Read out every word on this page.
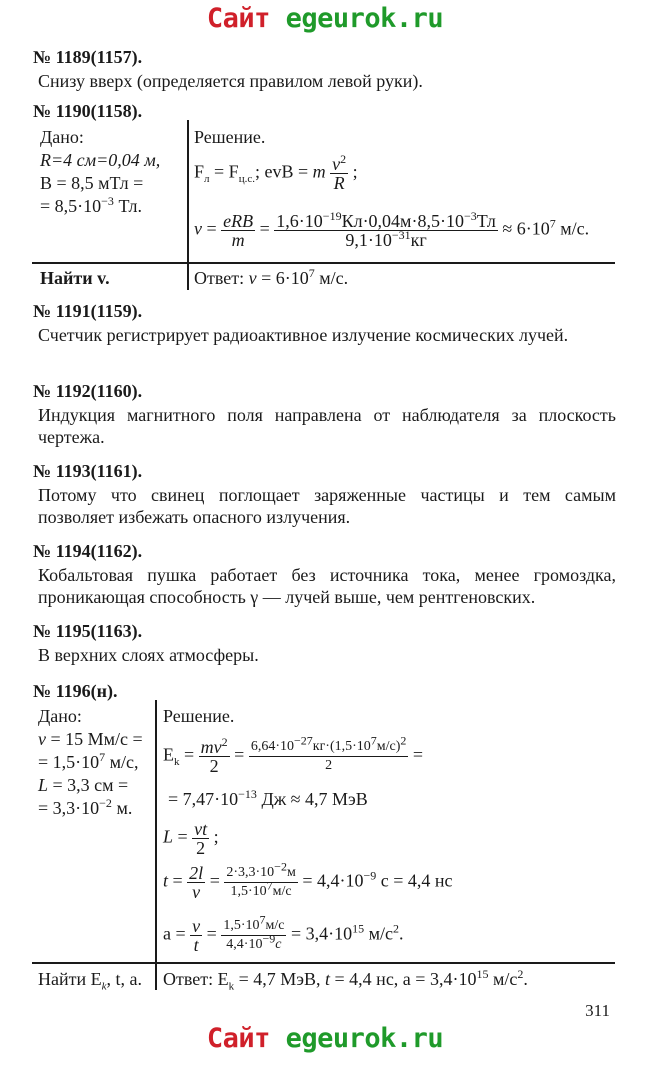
Сайт egeurok.ru
№ 1189(1157).
Снизу вверх (определяется правилом левой руки).
№ 1190(1158).
Дано:
R=4 см=0,04 м,
B = 8,5 мТл =
= $8,5\cdot 10^{-3}$ Тл.
Решение.
$F_л = F_{ц.с.}$; evB = m $\frac{v^2}{R}$ ;
$v = \frac{\text{eRB}}{m} = \frac{1,6\cdot 10^{-19}Кл\cdot 0,04м\cdot 8,5\cdot 10^{-3}Тл}{9,1\cdot 10^{-31}кг} \approx 6\cdot 10^7$ м/с.
Найти v.	Ответ: $v = 6\cdot 10^7$ м/с.
№ 1191(1159).
Счетчик регистрирует радиоактивное излучение космических лучей.
№ 1192(1160).
Индукция магнитного поля направлена от наблюдателя за плоскость чертежа.
№ 1193(1161).
Потому что свинец поглощает заряженные частицы и тем самым позволяет избежать опасного излучения.
№ 1194(1162).
Кобальтовая пушка работает без источника тока, менее громоздка, проникающая способность γ — лучей выше, чем рентгеновских.
№ 1195(1163).
В верхних слоях атмосферы.
№ 1196(н).
Дано:
v = 15 Мм/с =
= $1,5\cdot 10^7$ м/с,
L = 3,3 см =
= $3,3\cdot 10^{-2}$ м.
Решение.
$E_k = \frac{mv^2}{2} = \frac{6,64\cdot 10^{-27}кг\cdot(1,5\cdot 10^7м/с)^2}{2}$ =
= $7,47\cdot 10^{-13}$ Дж ≈ 4,7 МэВ
$L = \frac{vt}{2}$ ;
$t = \frac{2l}{v} = \frac{2\cdot 3,3\cdot 10^{-2}м}{1,5\cdot 10^7м/с} = 4,4\cdot 10^{-9}$ с = 4,4 нс
$a = \frac{v}{t} = \frac{1,5\cdot 10^7м/с}{4,4\cdot 10^{-9}с} = 3,4\cdot 10^{15}$ $м/с^2$.
Найти $E_k$, t, a. Ответ: $E_k = 4,7$ МэВ, t = 4,4 нс, $а = 3,4\cdot 10^{15}$ $м/с^2$.
311
Сайт egeurok.ru
